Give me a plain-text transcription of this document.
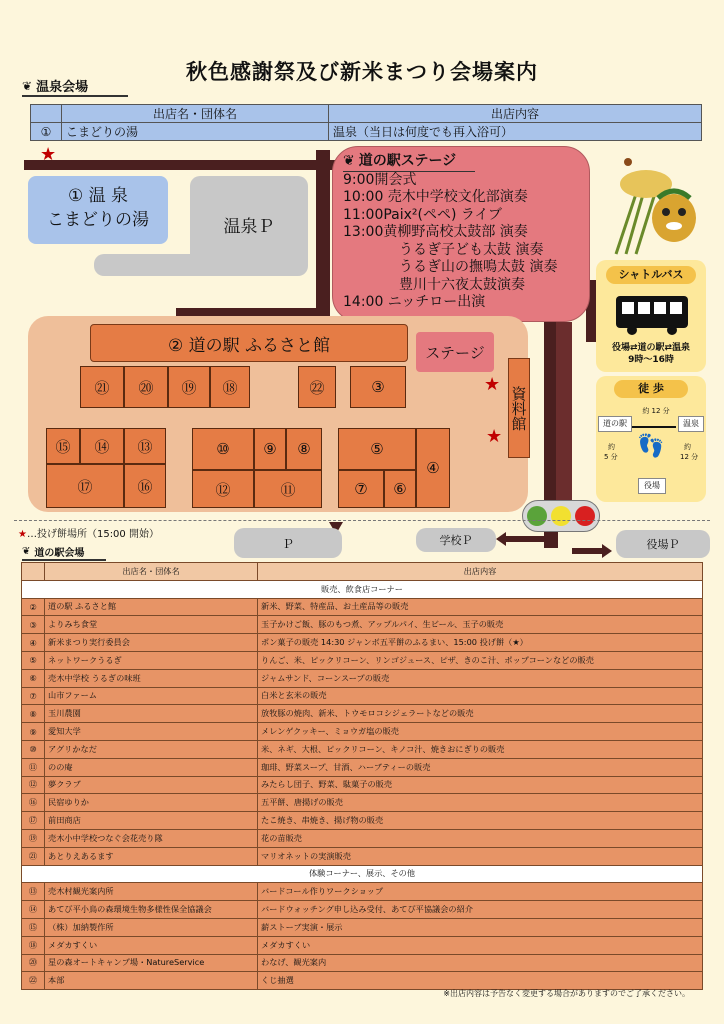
秋色感謝祭及び新米まつり会場案内
❦ 温泉会場
	出店名・団体名	出店内容
①	こまどりの湯	温泉（当日は何度でも再入浴可）
★
① 温 泉
こまどりの湯	温泉Ｐ
❦ 道の駅ステージ
9:00開会式
10:00 売木中学校文化部演奏
11:00Paix²(ペペ) ライブ
13:00黄柳野高校太鼓部 演奏
うるぎ子ども太鼓 演奏
うるぎ山の撫鳴太鼓 演奏
豊川十六夜太鼓演奏
14:00 ニッチロー出演
② 道の駅 ふるさと館	ステージ
資料館
★
★
㉑	⑳	⑲	⑱	㉒	③
⑮	⑭	⑬
⑰	⑯
⑩	⑨	⑧
⑫	⑪
⑤
⑦	⑥
④
★…投げ餅場所（15:00 開始）
Ｐ	学校Ｐ	役場Ｐ
シャトルバス
役場⇄道の駅⇄温泉
9時～16時
徒 歩
道の駅	温泉
役場
約 12 分
約
5 分
約
12 分
👣
❦ 道の駅会場
	出店名・団体名	出店内容
販売、飲食店コーナー		
②	道の駅 ふるさと館	新米、野菜、特産品、お土産品等の販売
③	よりみち食堂	玉子かけご飯、豚のもつ煮、アップルパイ、生ビール、玉子の販売
④	新米まつり実行委員会	ポン菓子の販売 14:30 ジャンボ五平餅のふるまい、15:00 投げ餅（★）
⑤	ネットワークうるぎ	りんご、米、ピックリコーン、リンゴジュース、ピザ、きのこ汁、ポップコーンなどの販売
⑥	売木中学校 うるぎの味班	ジャムサンド、コーンスープの販売
⑦	山市ファーム	白米と玄米の販売
⑧	玉川農園	放牧豚の焼肉、新米、トウモロコシジェラートなどの販売
⑨	愛知大学	メレンゲクッキー、ミョウガ塩の販売
⑩	アグリかなだ	米、ネギ、大根、ピックリコーン、キノコ汁、焼きおにぎりの販売
⑪	のの庵	珈琲、野菜スープ、甘酒、ハーブティーの販売
⑫	夢クラブ	みたらし団子、野菜、駄菓子の販売
⑯	民宿ゆりか	五平餅、唐揚げの販売
⑰	前田商店	たこ焼き、串焼き、揚げ物の販売
⑲	売木小中学校つなぐ会花売り隊	花の苗販売
㉑	あとりえあるます	マリオネットの実演販売
体験コーナー、展示、その他		
⑬	売木村観光案内所	バードコール作りワークショップ
⑭	あてび平小鳥の森環境生物多様性保全協議会	バードウォッチング申し込み受付、あてび平協議会の紹介
⑮	（株）加納製作所	薪ストーブ実演・展示
⑱	メダカすくい	メダカすくい
⑳	星の森オートキャンプ場・NatureService	わなげ、観光案内
㉒	本部	くじ抽選
※出店内容は予告なく変更する場合がありますのでご了承ください。
